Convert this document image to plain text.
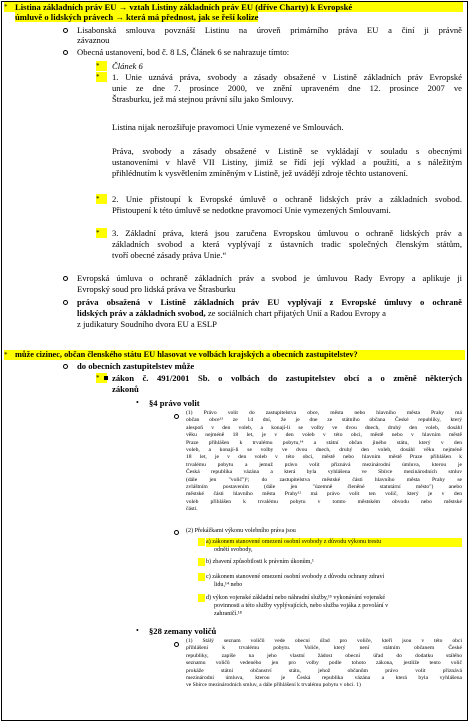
* Listina základních práv EU → vztah Listiny základních práv EU (dříve Charty) k Evropské
úmluvě o lidských právech → která má přednost, jak se řeší kolize
Lisabonská smlouva povznáší Listinu na úroveň primárního práva EU a činí ji právně
závaznou
Obecná ustanovení, bod č. 8 LS, Článek 6 se nahrazuje tímto:
*	Článek 6
*	1. Unie uznává práva, svobody a zásady obsažené v Listině základních práv Evropské
unie ze dne 7. prosince 2000, ve znění upraveném dne 12. prosince 2007 ve
Štrasburku, jež má stejnou právní sílu jako Smlouvy.
Listina nijak nerozšiřuje pravomoci Unie vymezené ve Smlouvách.
Práva, svobody a zásady obsažené v Listině se vykládají v souladu s obecnými
ustanoveními v hlavě VII Listiny, jimiž se řídí její výklad a použití, a s náležitým
přihlédnutím k vysvětlením zmíněným v Listině, jež uvádějí zdroje těchto ustanovení.
*	2. Unie přistoupí k Evropské úmluvě o ochraně lidských práv a základních svobod.
Přistoupení k této úmluvě se nedotkne pravomocí Unie vymezených Smlouvami.
*	3. Základní práva, která jsou zaručena Evropskou úmluvou o ochraně lidských práv a
základních svobod a která vyplývají z ústavních tradic společných členským státům,
tvoří obecné zásady práva Unie.“
Evropská úmluva o ochraně základních práv a svobod je úmluvou Rady Evropy a aplikuje ji
Evropský soud pro lidská práva ve Štrasburku
práva obsažená v Listině základních práv EU vyplývají z Evropské úmluvy o ochraně
lidských práv a základních svobod, ze sociálních chart přijatých Unií a Radou Evropy a
z judikatury Soudního dvora EU a ESLP
* může cizinec, občan členského státu EU hlasovat ve volbách krajských a obecních zastupitelstev?
do obecních zastupitelstev může
*	zákon č. 491/2001 Sb. o volbách do zastupitelstev obcí a o změně některých
zákonů
• §4 právo volit
(1) Právo volit do zastupitelstva obce, města nebo hlavního města Prahy má
občan obce¹³ ze 14 dní, že je dne ze státního občana České republiky, který
alespoň v den voleb, a konají-li se volby ve dvou dnech, druhý den voleb, dosáhl
věku nejméně 18 let, je v den voleb v této obci, městě nebo v hlavním městě
Praze přihlášen k trvalému pobytu,¹⁴ a státní občan jiného státu, který v den
voleb, a konají-li se volby ve dvou dnech, druhý den voleb, dosáhl věku nejméně
18 let, je v den voleb v této obci, městě nebo hlavním městě Praze přihlášen k
trvalému pobytu a jemuž právo volit přiznává mezinárodní úmluva, kterou je
Česká republika vázána a která byla vyhlášena ve Sbírce mezinárodních smluv
(dále jen "volič")¹; do zastupitelstva městské části hlavního města Prahy se
zvláštním postavením (dále jen "územně členěné statutární město") anebo
městské části hlavního města Prahy¹² má právo volit ten volič, který je v den
voleb přihlášen k trvalému pobytu v tomto městském obvodu nebo městské
části.
(2) Překážkami výkonu volebního práva jsou
a) zákonem stanovené omezení osobní svobody z důvodu výkonu trestu
odnětí svobody,
b) zbavení způsobilosti k právním úkonům,¹
c) zákonem stanovené omezení osobní svobody z důvodu ochrany zdraví
lidu,¹⁴ nebo
d) výkon vojenské základní nebo náhradní služby,¹⁵ vykonávání vojenské
povinnosti a této služby vyplývajících, nebo služba vojáka z povolání v
zahraničí.¹⁸
• §28 zemany voličů
(1) Stálý seznam voličů vede obecní úřad pro voliče, kteří jsou v této obci
přihlášeni k trvalému pobytu. Voliče, který není státním občanem České
republiky, zapíše na jeho vlastní žádost obecní úřad do dodatku stálého
seznamu voličů vedeného jen pro volby podle tohoto zákona, jestliže tento volič
prokáže státní občanství státu, jehož občanům právo volit přiznává
mezinárodní úmluva, kterou je Česká republika vázána a která byla vyhlášena
ve Sbírce mezinárodních smluv, a dále přihlášení k trvalému pobytu v obci. 1)
